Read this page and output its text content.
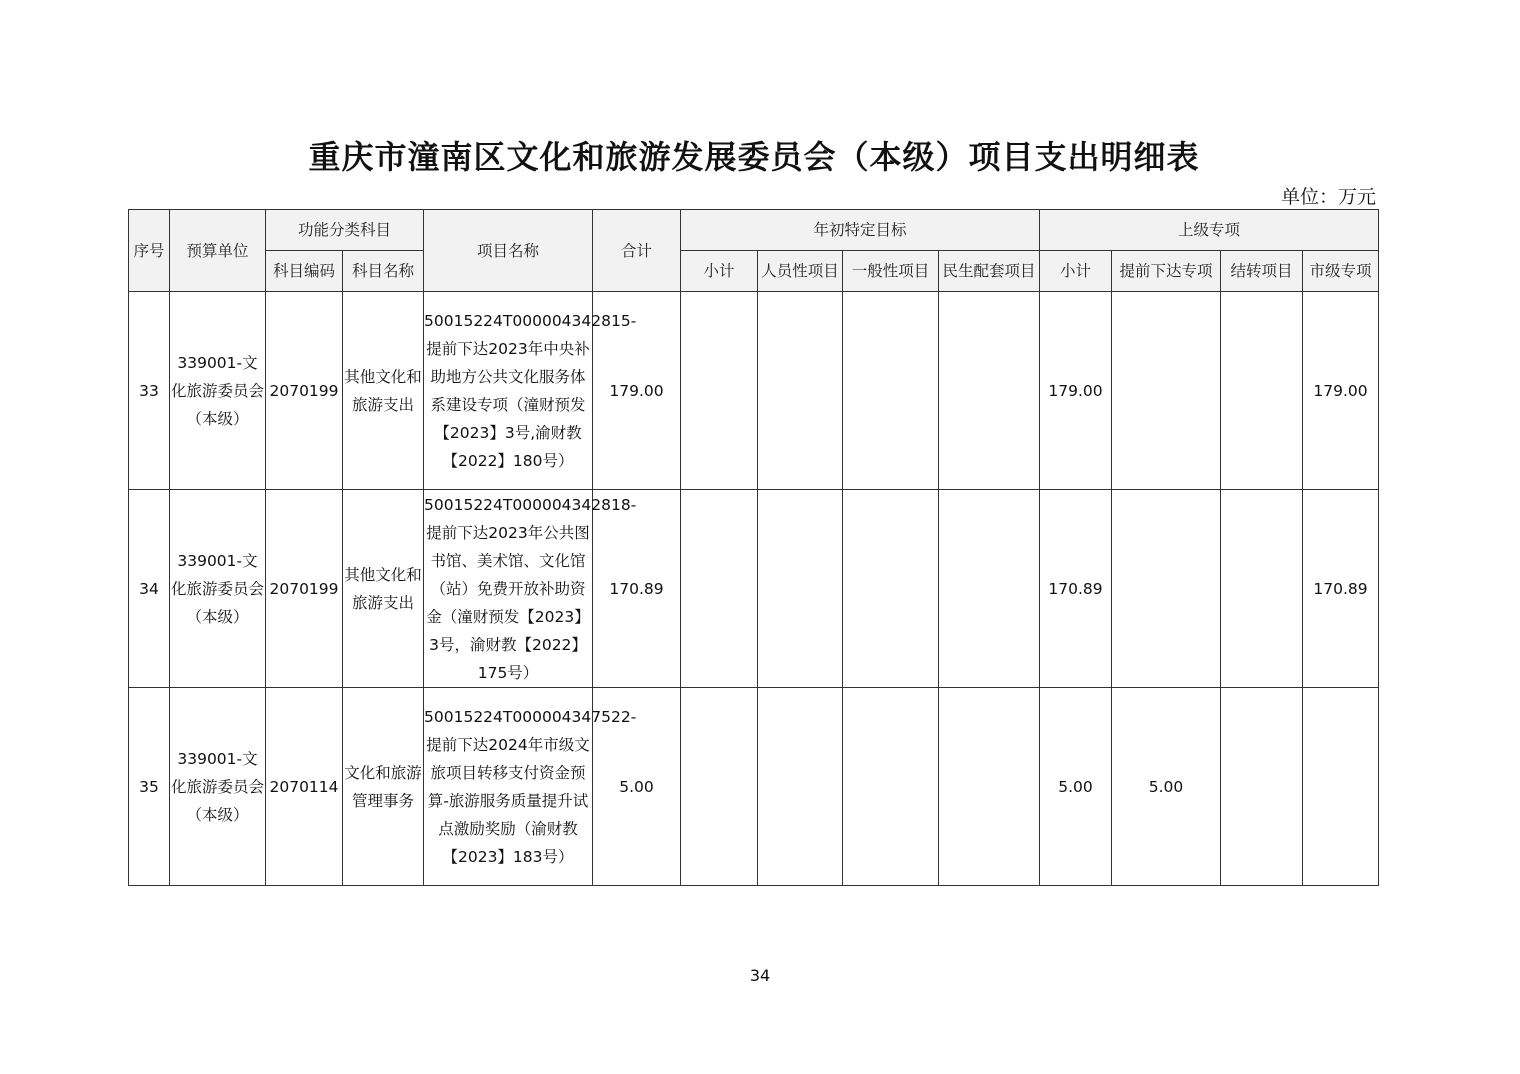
重庆市潼南区文化和旅游发展委员会（本级）项目支出明细表
单位：万元
序号	预算单位	功能分类科目		项目名称	合计	年初特定目标				上级专项			
		科目编码	科目名称			小计	人员性项目	一般性项目	民生配套项目	小计	提前下达专项	结转项目	市级专项
33	339001-文化旅游委员会（本级）	2070199	其他文化和旅游支出	50015224T000004342815-提前下达2023年中央补助地方公共文化服务体系建设专项（潼财预发【2023】3号,渝财教【2022】180号）	179.00					179.00			179.00
34	339001-文化旅游委员会（本级）	2070199	其他文化和旅游支出	50015224T000004342818-提前下达2023年公共图书馆、美术馆、文化馆（站）免费开放补助资金（潼财预发【2023】3号，渝财教【2022】175号）	170.89					170.89			170.89
35	339001-文化旅游委员会（本级）	2070114	文化和旅游管理事务	50015224T000004347522-提前下达2024年市级文旅项目转移支付资金预算-旅游服务质量提升试点激励奖励（渝财教【2023】183号）	5.00					5.00	5.00		
34
